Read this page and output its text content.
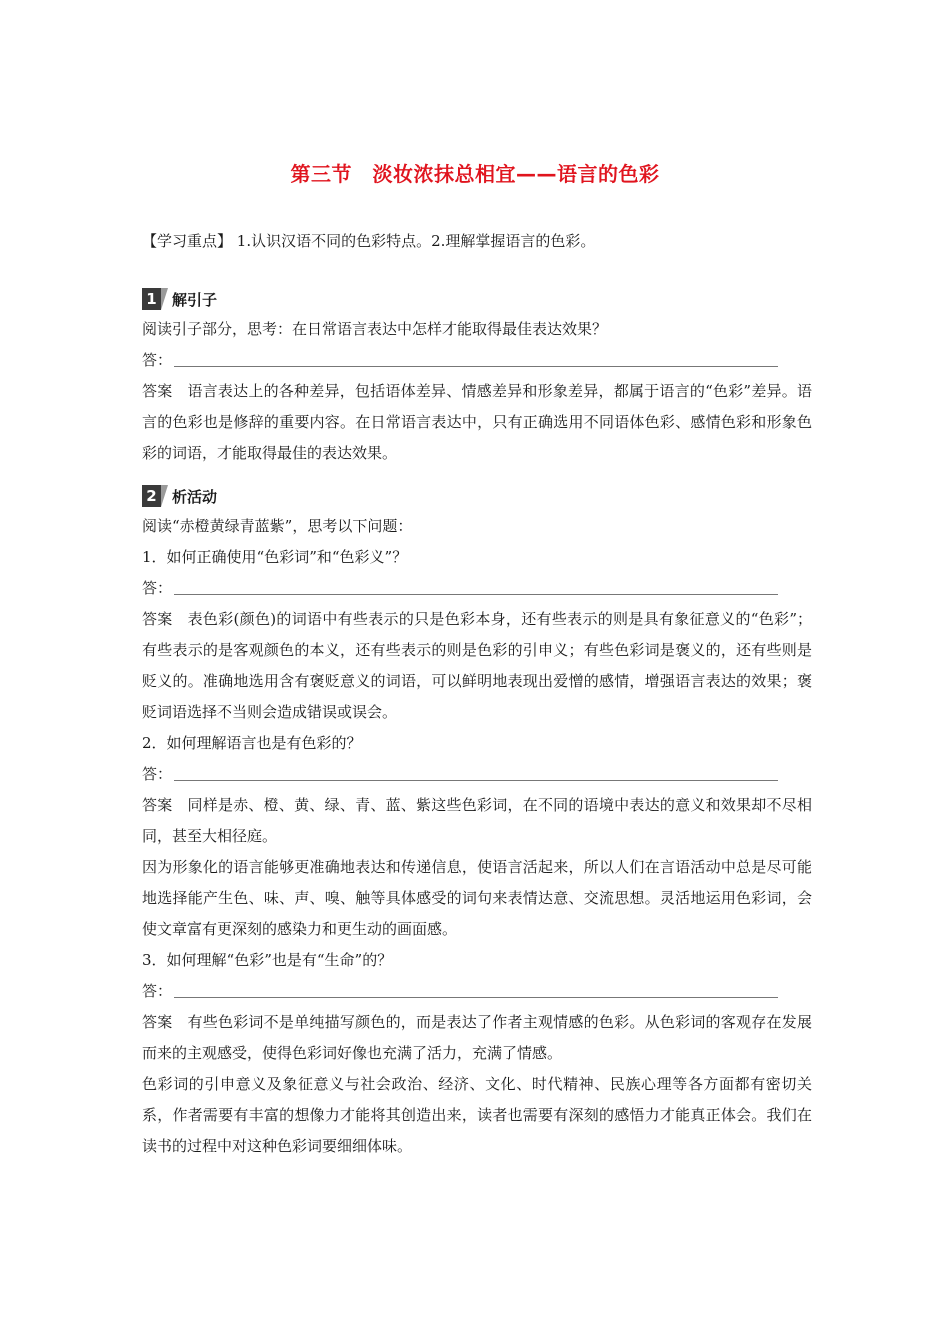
第三节　淡妆浓抹总相宜——语言的色彩

【学习重点】 1.认识汉语不同的色彩特点。2.理解掌握语言的色彩。

1 解引子

阅读引子部分，思考：在日常语言表达中怎样才能取得最佳表达效果？

答：

答案 语言表达上的各种差异，包括语体差异、情感差异和形象差异，都属于语言的“色彩”差异。语言的色彩也是修辞的重要内容。在日常语言表达中，只有正确选用不同语体色彩、感情色彩和形象色彩的词语，才能取得最佳的表达效果。

2 析活动

阅读“赤橙黄绿青蓝紫”，思考以下问题：

1．如何正确使用“色彩词”和“色彩义”？

答：

答案 表色彩(颜色)的词语中有些表示的只是色彩本身，还有些表示的则是具有象征意义的“色彩”；有些表示的是客观颜色的本义，还有些表示的则是色彩的引申义；有些色彩词是褒义的，还有些则是贬义的。准确地选用含有褒贬意义的词语，可以鲜明地表现出爱憎的感情，增强语言表达的效果；褒贬词语选择不当则会造成错误或误会。

2．如何理解语言也是有色彩的？

答：

答案 同样是赤、橙、黄、绿、青、蓝、紫这些色彩词，在不同的语境中表达的意义和效果却不尽相同，甚至大相径庭。

因为形象化的语言能够更准确地表达和传递信息，使语言活起来，所以人们在言语活动中总是尽可能地选择能产生色、味、声、嗅、触等具体感受的词句来表情达意、交流思想。灵活地运用色彩词，会使文章富有更深刻的感染力和更生动的画面感。

3．如何理解“色彩”也是有“生命”的？

答：

答案 有些色彩词不是单纯描写颜色的，而是表达了作者主观情感的色彩。从色彩词的客观存在发展而来的主观感受，使得色彩词好像也充满了活力，充满了情感。

色彩词的引申意义及象征意义与社会政治、经济、文化、时代精神、民族心理等各方面都有密切关系，作者需要有丰富的想像力才能将其创造出来，读者也需要有深刻的感悟力才能真正体会。我们在读书的过程中对这种色彩词要细细体味。
